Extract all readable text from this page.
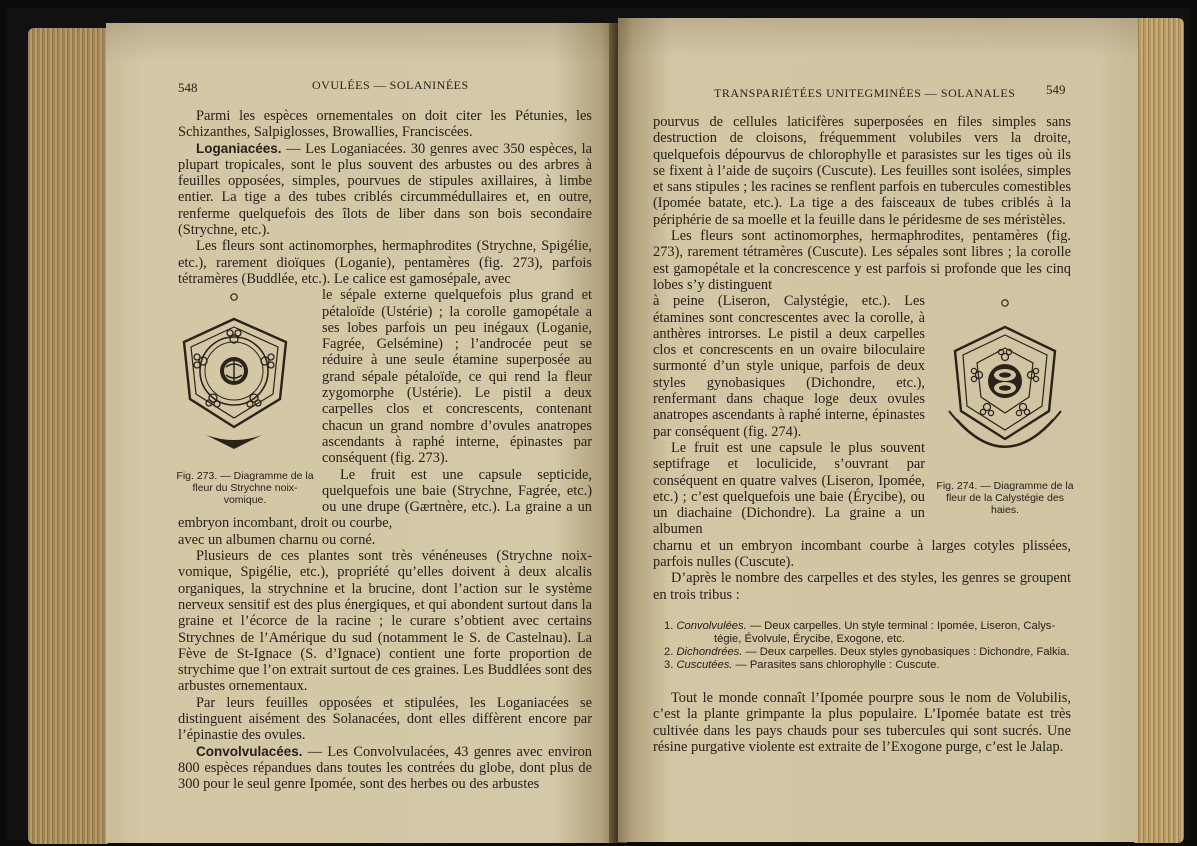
548	OVULÉES — SOLANINÉES

Parmi les espèces ornementales on doit citer les Pétunies, les Schizanthes, Salpiglosses, Browallies, Franciscées.

Loganiacées. — Les Loganiacées. 30 genres avec 350 espèces, la plupart tropicales, sont le plus souvent des arbustes ou des arbres à feuilles opposées, simples, pourvues de stipules axillaires, à limbe entier. La tige a des tubes criblés circummédullaires et, en outre, renferme quelquefois des îlots de liber dans son bois secondaire (Strychne, etc.).

Les fleurs sont actinomorphes, hermaphrodites (Strychne, Spigélie, etc.), rarement dioïques (Loganie), pentamères (fig. 273), parfois tétramères (Buddlée, etc.). Le calice est gamosépale, avec

Fig. 273. — Diagramme de la fleur du Strychne noix-vomique.

le sépale externe quelquefois plus grand et pétaloïde (Ustérie) ; la corolle gamopétale a ses lobes parfois un peu inégaux (Loganie, Fagrée, Gelsémine) ; l’androcée peut se réduire à une seule étamine superposée au grand sépale pétaloïde, ce qui rend la fleur zygomorphe (Ustérie). Le pistil a deux carpelles clos et concrescents, contenant chacun un grand nombre d’ovules anatropes ascendants à raphé interne, épinastes par conséquent (fig. 273).

Le fruit est une capsule septicide, quelquefois une baie (Strychne, Fagrée, etc.) ou une drupe (Gærtnère, etc.). La graine a un embryon incombant, droit ou courbe,

avec un albumen charnu ou corné.

Plusieurs de ces plantes sont très vénéneuses (Strychne noix-vomique, Spigélie, etc.), propriété qu’elles doivent à deux alcalis organiques, la strychnine et la brucine, dont l’action sur le système nerveux sensitif est des plus énergiques, et qui abondent surtout dans la graine et l’écorce de la racine ; le curare s’obtient avec certains Strychnes de l’Amérique du sud (notamment le S. de Castelnau). La Fève de St-Ignace (S. d’Ignace) contient une forte proportion de strychime que l’on extrait surtout de ces graines. Les Buddlées sont des arbustes ornementaux.

Par leurs feuilles opposées et stipulées, les Loganiacées se distinguent aisément des Solanacées, dont elles diffèrent encore par l’épinastie des ovules.

Convolvulacées. — Les Convolvulacées, 43 genres avec environ 800 espèces répandues dans toutes les contrées du globe, dont plus de 300 pour le seul genre Ipomée, sont des herbes ou des arbustes

TRANSPARIÉTÉES UNITEGMINÉES — SOLANALES 549

pourvus de cellules laticifères superposées en files simples sans destruction de cloisons, fréquemment volubiles vers la droite, quelquefois dépourvus de chlorophylle et parasistes sur les tiges où ils se fixent à l’aide de suçoirs (Cuscute). Les feuilles sont isolées, simples et sans stipules ; les racines se renflent parfois en tubercules comestibles (Ipomée batate, etc.). La tige a des faisceaux de tubes criblés à la périphérie de sa moelle et la feuille dans le péridesme de ses méristèles.

Les fleurs sont actinomorphes, hermaphrodites, pentamères (fig. 273), rarement tétramères (Cuscute). Les sépales sont libres ; la corolle est gamopétale et la concrescence y est parfois si profonde que les cinq lobes s’y distinguent

Fig. 274. — Diagramme de la fleur de la Calystégie des haies.

à peine (Liseron, Calystégie, etc.). Les étamines sont concrescentes avec la corolle, à anthères introrses. Le pistil a deux carpelles clos et concrescents en un ovaire biloculaire surmonté d’un style unique, parfois de deux styles gynobasiques (Dichondre, etc.), renfermant dans chaque loge deux ovules anatropes ascendants à raphé interne, épinastes par conséquent (fig. 274).

Le fruit est une capsule le plus souvent septifrage et loculicide, s’ouvrant par conséquent en quatre valves (Liseron, Ipomée, etc.) ; c’est quelquefois une baie (Érycibe), ou un diachaine (Dichondre). La graine a un albumen

charnu et un embryon incombant courbe à larges cotyles plissées, parfois nulles (Cuscute).

D’après le nombre des carpelles et des styles, les genres se groupent en trois tribus :

1. Convolvulées. — Deux carpelles. Un style terminal : Ipomée, Liseron, Calys-
tégie, Évolvule, Érycibe, Exogone, etc.
2. Dichondrées. — Deux carpelles. Deux styles gynobasiques : Dichondre, Falkia.
3. Cuscutées. — Parasites sans chlorophylle : Cuscute.

Tout le monde connaît l’Ipomée pourpre sous le nom de Volubilis, c’est la plante grimpante la plus populaire. L’Ipomée batate est très cultivée dans les pays chauds pour ses tubercules qui sont sucrés. Une résine purgative violente est extraite de l’Exogone purge, c’est le Jalap.
